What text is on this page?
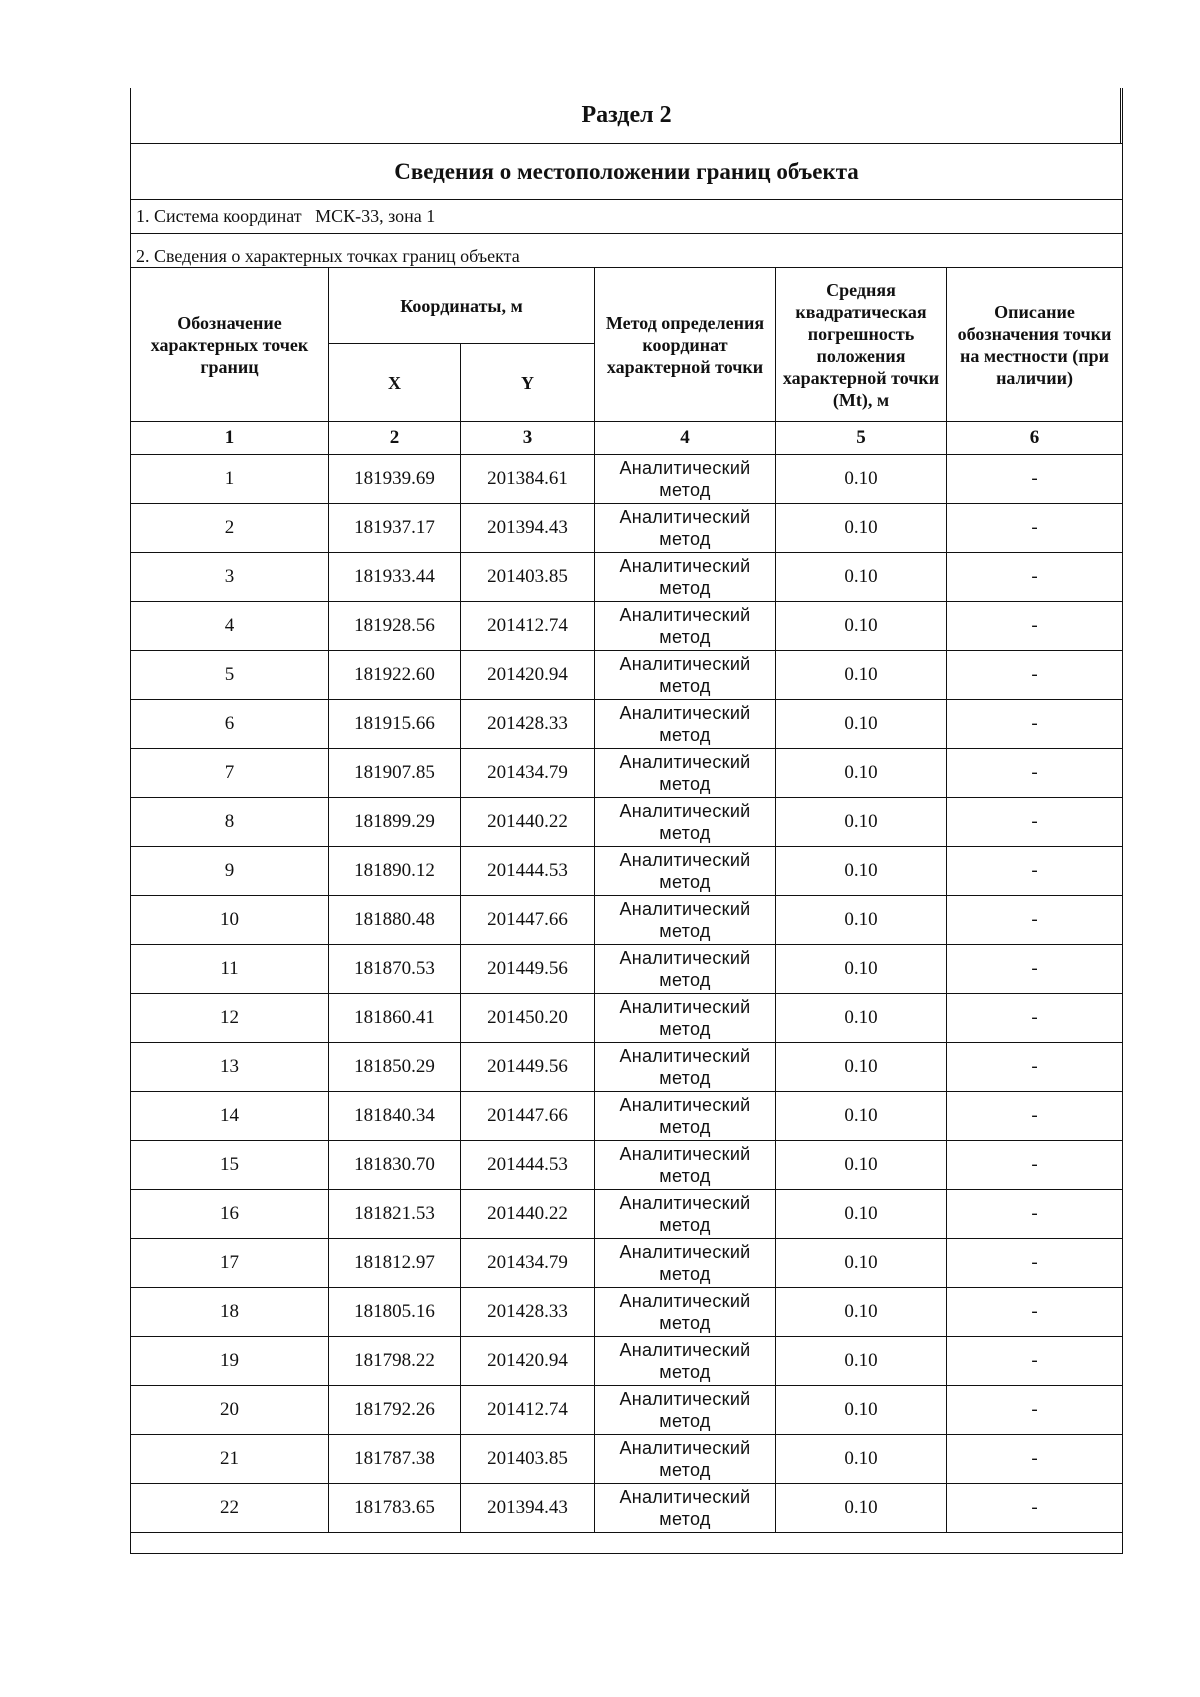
Раздел 2					
Сведения о местоположении границ объекта					
1. Система координат МСК-33, зона 1					
2. Сведения о характерных точках границ объекта					
Обозначение характерных точек границ	Координаты, м		Метод определения координат характерной точки	Средняя квадратическая погрешность положения характерной точки (Mt), м	Описание обозначения точки на местности (при наличии)
	X	Y			
1	2	3	4	5	6
1	181939.69	201384.61	Аналитический метод	0.10	-
2	181937.17	201394.43	Аналитический метод	0.10	-
3	181933.44	201403.85	Аналитический метод	0.10	-
4	181928.56	201412.74	Аналитический метод	0.10	-
5	181922.60	201420.94	Аналитический метод	0.10	-
6	181915.66	201428.33	Аналитический метод	0.10	-
7	181907.85	201434.79	Аналитический метод	0.10	-
8	181899.29	201440.22	Аналитический метод	0.10	-
9	181890.12	201444.53	Аналитический метод	0.10	-
10	181880.48	201447.66	Аналитический метод	0.10	-
11	181870.53	201449.56	Аналитический метод	0.10	-
12	181860.41	201450.20	Аналитический метод	0.10	-
13	181850.29	201449.56	Аналитический метод	0.10	-
14	181840.34	201447.66	Аналитический метод	0.10	-
15	181830.70	201444.53	Аналитический метод	0.10	-
16	181821.53	201440.22	Аналитический метод	0.10	-
17	181812.97	201434.79	Аналитический метод	0.10	-
18	181805.16	201428.33	Аналитический метод	0.10	-
19	181798.22	201420.94	Аналитический метод	0.10	-
20	181792.26	201412.74	Аналитический метод	0.10	-
21	181787.38	201403.85	Аналитический метод	0.10	-
22	181783.65	201394.43	Аналитический метод	0.10	-
